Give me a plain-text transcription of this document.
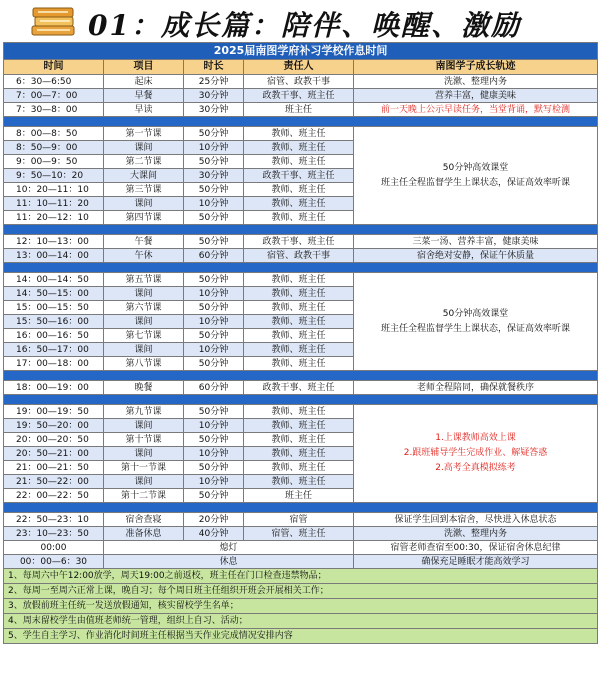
01：成长篇：陪伴、唤醒、激励
2025届南图学府补习学校作息时间				
时间	项目	时长	责任人	南图学子成长轨迹
6：30—6:50	起床	25分钟	宿管、政教干事	洗漱、整理内务
7：00—7：00	早餐	30分钟	政教干事、班主任	营养丰富，健康美味
7：30—8：00	早读	30分钟	班主任	前一天晚上公示早读任务，当堂背诵，默写检测

8：00—8：50	第一节课	50分钟	教师、班主任	50分钟高效课堂
班主任全程监督学生上课状态，保证高效率听课

8：50—9：00	课间	10分钟	教师、班主任	
9：00—9：50	第二节课	50分钟	教师、班主任	
9：50—10：20	大课间	30分钟	政教干事、班主任	
10：20—11：10	第三节课	50分钟	教师、班主任	
11：10—11：20	课间	10分钟	教师、班主任	
11：20—12：10	第四节课	50分钟	教师、班主任	

12：10—13：00	午餐	50分钟	政教干事、班主任	三菜一汤、营养丰富，健康美味
13：00—14：00	午休	60分钟	宿管、政教干事	宿舍绝对安静，保证午休质量

14：00—14：50	第五节课	50分钟	教师、班主任	50分钟高效课堂
班主任全程监督学生上课状态，保证高效率听课

14：50—15：00	课间	10分钟	教师、班主任	
15：00—15：50	第六节课	50分钟	教师、班主任	
15：50—16：00	课间	10分钟	教师、班主任	
16：00—16：50	第七节课	50分钟	教师、班主任	
16：50—17：00	课间	10分钟	教师、班主任	
17：00—18：00	第八节课	50分钟	教师、班主任	

18：00—19：00	晚餐	60分钟	政教干事、班主任	老师全程陪同，确保就餐秩序

19：00—19：50	第九节课	50分钟	教师、班主任	1.上课教师高效上课
2.跟班辅导学生完成作业、解疑答惑
2.高考全真模拟练考

19：50—20：00	课间	10分钟	教师、班主任	
20：00—20：50	第十节课	50分钟	教师、班主任	
20：50—21：00	课间	10分钟	教师、班主任	
21：00—21：50	第十一节课	50分钟	教师、班主任	
21：50—22：00	课间	10分钟	教师、班主任	
22：00—22：50	第十二节课	50分钟	班主任	

22：50—23：10	宿舍查寝	20分钟	宿管	保证学生回到本宿舍，尽快进入休息状态
23：10—23：50	准备休息	40分钟	宿管、班主任	洗漱、整理内务
00:00	熄灯			宿管老师查宿至00:30，保证宿舍休息纪律
00：00—6：30	休息			确保充足睡眠才能高效学习
1、每周六中午12:00放学，周天19:00之前返校，班主任在门口检查违禁物品；				
2、每周一至周六正常上课，晚自习；每个周日班主任组织开班会开展相关工作；				
3、放假前班主任统一发送放假通知，核实留校学生名单；				
4、周末留校学生由值班老师统一管理，组织上自习、活动；				
5、学生自主学习、作业消化时间班主任根据当天作业完成情况安排内容				
